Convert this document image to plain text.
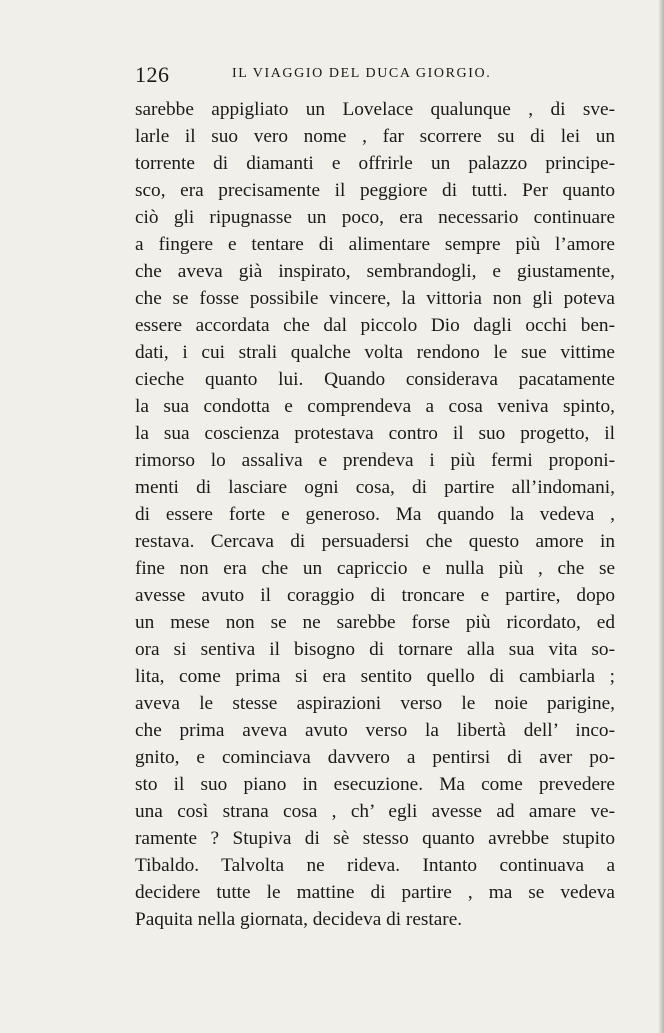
126	IL VIAGGIO DEL DUCA GIORGIO.
sarebbe appigliato un Lovelace qualunque , di sve-
larle il suo vero nome , far scorrere su di lei un
torrente di diamanti e offrirle un palazzo principe-
sco, era precisamente il peggiore di tutti. Per quanto
ciò gli ripugnasse un poco, era necessario continuare
a fingere e tentare di alimentare sempre più l’amore
che aveva già inspirato, sembrandogli, e giustamente,
che se fosse possibile vincere, la vittoria non gli poteva
essere accordata che dal piccolo Dio dagli occhi ben-
dati, i cui strali qualche volta rendono le sue vittime
cieche quanto lui. Quando considerava pacatamente
la sua condotta e comprendeva a cosa veniva spinto,
la sua coscienza protestava contro il suo progetto, il
rimorso lo assaliva e prendeva i più fermi proponi-
menti di lasciare ogni cosa, di partire all’indomani,
di essere forte e generoso. Ma quando la vedeva ,
restava. Cercava di persuadersi che questo amore in
fine non era che un capriccio e nulla più , che se
avesse avuto il coraggio di troncare e partire, dopo
un mese non se ne sarebbe forse più ricordato, ed
ora si sentiva il bisogno di tornare alla sua vita so-
lita, come prima si era sentito quello di cambiarla ;
aveva le stesse aspirazioni verso le noie parigine,
che prima aveva avuto verso la libertà dell’ inco-
gnito, e cominciava davvero a pentirsi di aver po-
sto il suo piano in esecuzione. Ma come prevedere
una così strana cosa , ch’ egli avesse ad amare ve-
ramente ? Stupiva di sè stesso quanto avrebbe stupito
Tibaldo. Talvolta ne rideva. Intanto continuava a
decidere tutte le mattine di partire , ma se vedeva
Paquita nella giornata, decideva di restare.
